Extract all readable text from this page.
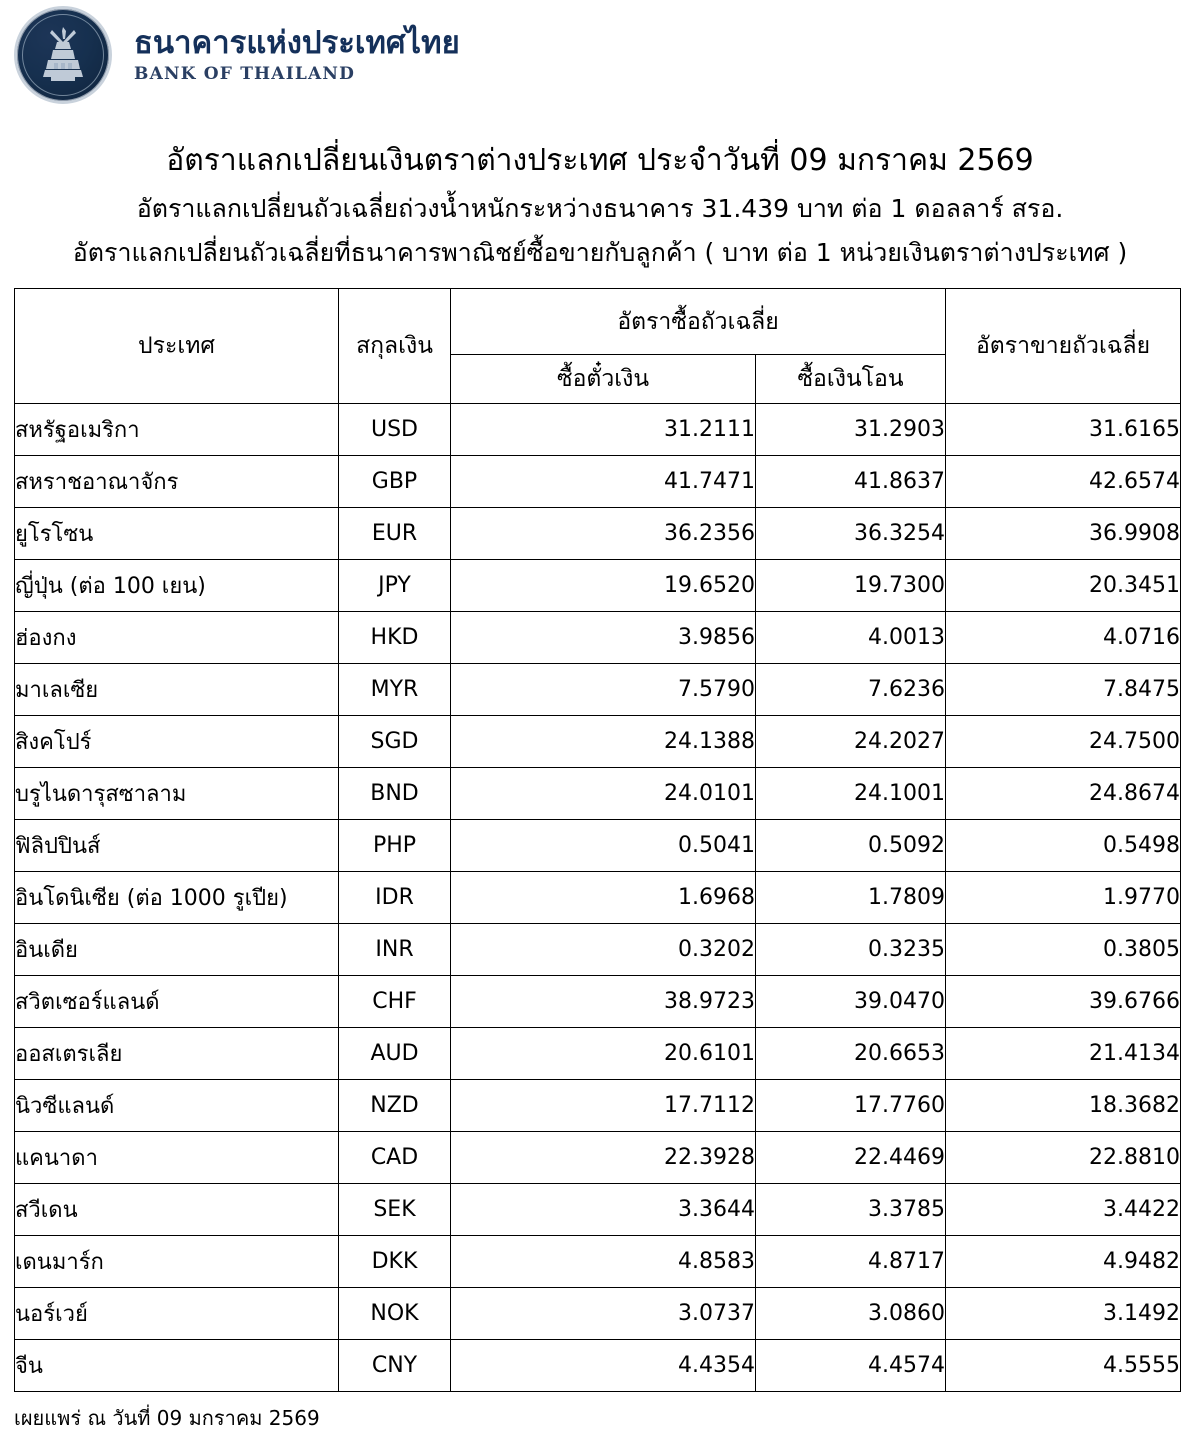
ธนาคารแห่งประเทศไทย
BANK OF THAILAND
อัตราแลกเปลี่ยนเงินตราต่างประเทศ ประจำวันที่ 09 มกราคม 2569
อัตราแลกเปลี่ยนถัวเฉลี่ยถ่วงน้ำหนักระหว่างธนาคาร 31.439 บาท ต่อ 1 ดอลลาร์ สรอ.
อัตราแลกเปลี่ยนถัวเฉลี่ยที่ธนาคารพาณิชย์ซื้อขายกับลูกค้า ( บาท ต่อ 1 หน่วยเงินตราต่างประเทศ )
ประเทศ	สกุลเงิน	อัตราซื้อถัวเฉลี่ย		อัตราขายถัวเฉลี่ย
		ซื้อตั๋วเงิน	ซื้อเงินโอน	
สหรัฐอเมริกา	USD	31.2111	31.2903	31.6165
สหราชอาณาจักร	GBP	41.7471	41.8637	42.6574
ยูโรโซน	EUR	36.2356	36.3254	36.9908
ญี่ปุ่น (ต่อ 100 เยน)	JPY	19.6520	19.7300	20.3451
ฮ่องกง	HKD	3.9856	4.0013	4.0716
มาเลเซีย	MYR	7.5790	7.6236	7.8475
สิงคโปร์	SGD	24.1388	24.2027	24.7500
บรูไนดารุสซาลาม	BND	24.0101	24.1001	24.8674
ฟิลิปปินส์	PHP	0.5041	0.5092	0.5498
อินโดนิเซีย (ต่อ 1000 รูเปีย)	IDR	1.6968	1.7809	1.9770
อินเดีย	INR	0.3202	0.3235	0.3805
สวิตเซอร์แลนด์	CHF	38.9723	39.0470	39.6766
ออสเตรเลีย	AUD	20.6101	20.6653	21.4134
นิวซีแลนด์	NZD	17.7112	17.7760	18.3682
แคนาดา	CAD	22.3928	22.4469	22.8810
สวีเดน	SEK	3.3644	3.3785	3.4422
เดนมาร์ก	DKK	4.8583	4.8717	4.9482
นอร์เวย์	NOK	3.0737	3.0860	3.1492
จีน	CNY	4.4354	4.4574	4.5555
เผยแพร่ ณ วันที่ 09 มกราคม 2569
